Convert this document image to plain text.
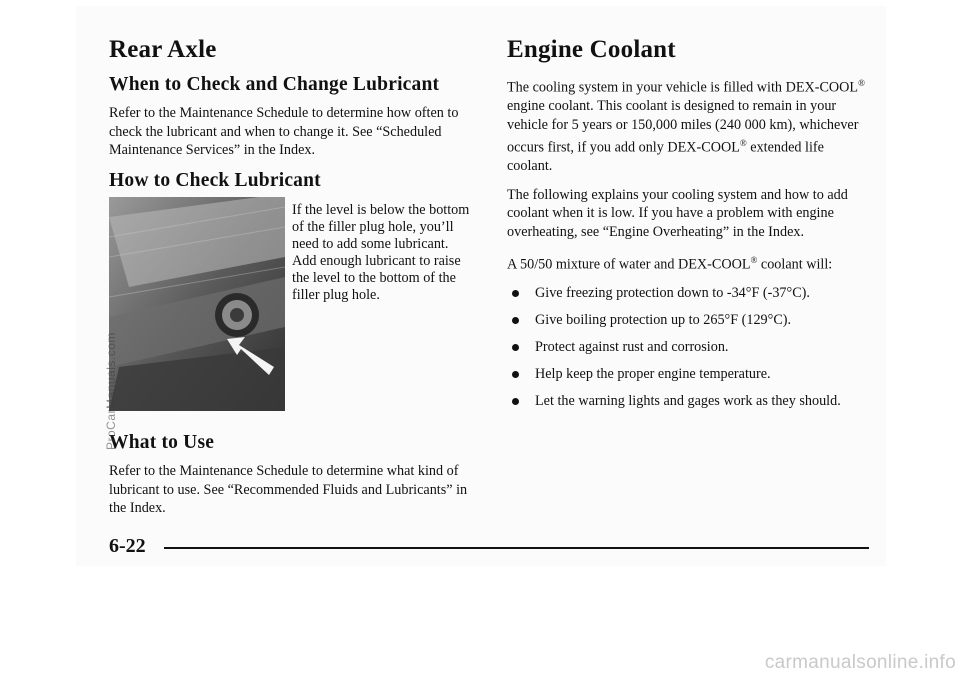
Rear Axle
When to Check and Change Lubricant

Refer to the Maintenance Schedule to determine how often to check the lubricant and when to change it. See “Scheduled Maintenance Services” in the Index.

How to Check Lubricant

If the level is below the bottom of the filler plug hole, you’ll need to add some lubricant. Add enough lubricant to raise the level to the bottom of the filler plug hole.

What to Use

Refer to the Maintenance Schedule to determine what kind of lubricant to use. See “Recommended Fluids and Lubricants” in the Index.

Engine Coolant

The cooling system in your vehicle is filled with DEX-COOL® engine coolant. This coolant is designed to remain in your vehicle for 5 years or 150,000 miles (240 000 km), whichever occurs first, if you add only DEX-COOL® extended life coolant.

The following explains your cooling system and how to add coolant when it is low. If you have a problem with engine overheating, see “Engine Overheating” in the Index.

A 50/50 mixture of water and DEX-COOL® coolant will:

Give freezing protection down to -34°F (-37°C).
Give boiling protection up to 265°F (129°C).
Protect against rust and corrosion.
Help keep the proper engine temperature.
Let the warning lights and gages work as they should.
6-22
ProCarManuals.com
carmanualsonline.info
